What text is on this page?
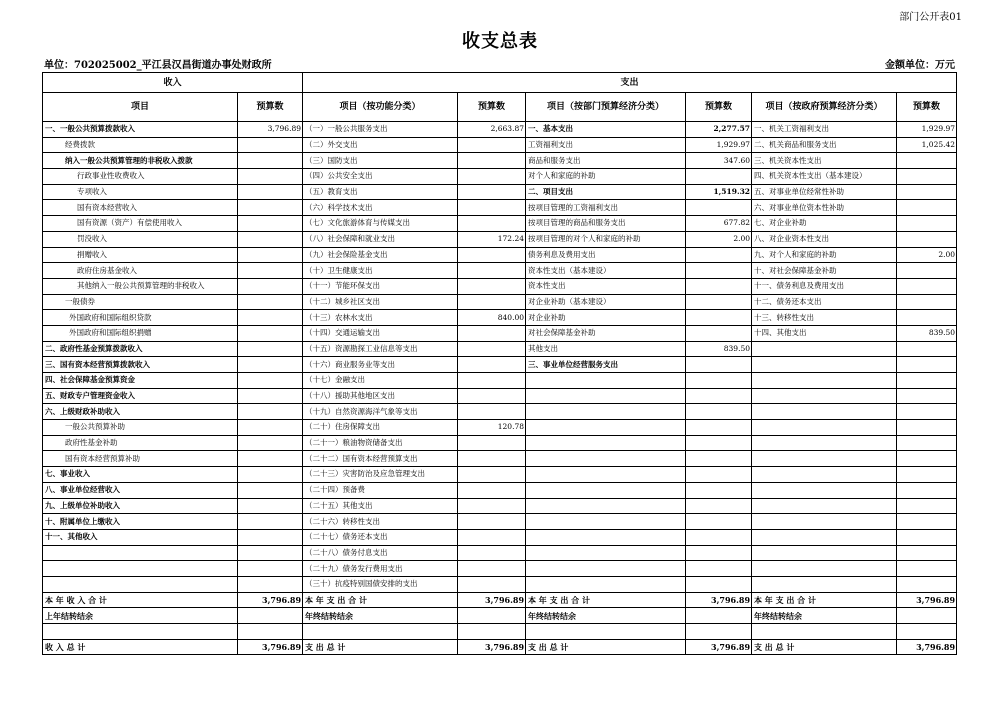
部门公开表01
收支总表
单位：702025002_平江县汉昌街道办事处财政所	金额单位：万元
收入		支出					
项目	预算数	项目（按功能分类）	预算数	项目（按部门预算经济分类）	预算数	项目（按政府预算经济分类）	预算数
一、一般公共预算拨款收入	3,796.89	（一）一般公共服务支出	2,663.87	一、基本支出	2,277.57	一、机关工资福利支出	1,929.97
经费拨款		（二）外交支出		工资福利支出	1,929.97	二、机关商品和服务支出	1,025.42
纳入一般公共预算管理的非税收入拨款		（三）国防支出		商品和服务支出	347.60	三、机关资本性支出	
行政事业性收费收入		（四）公共安全支出		对个人和家庭的补助		四、机关资本性支出（基本建设）	
专项收入		（五）教育支出		二、项目支出	1,519.32	五、对事业单位经常性补助	
国有资本经营收入		（六）科学技术支出		按项目管理的工资福利支出		六、对事业单位资本性补助	
国有资源（资产）有偿使用收入		（七）文化旅游体育与传媒支出		按项目管理的商品和服务支出	677.82	七、对企业补助	
罚没收入		（八）社会保障和就业支出	172.24	按项目管理的对个人和家庭的补助	2.00	八、对企业资本性支出	
捐赠收入		（九）社会保险基金支出		债务利息及费用支出		九、对个人和家庭的补助	2.00
政府住房基金收入		（十）卫生健康支出		资本性支出（基本建设）		十、对社会保障基金补助	
其他纳入一般公共预算管理的非税收入		（十一）节能环保支出		资本性支出		十一、债务利息及费用支出	
一般债券		（十二）城乡社区支出		对企业补助（基本建设）		十二、债务还本支出	
外国政府和国际组织贷款		（十三）农林水支出	840.00	对企业补助		十三、转移性支出	
外国政府和国际组织捐赠		（十四）交通运输支出		对社会保障基金补助		十四、其他支出	839.50
二、政府性基金预算拨款收入		（十五）资源勘探工业信息等支出		其他支出	839.50		
三、国有资本经营预算拨款收入		（十六）商业服务业等支出		三、事业单位经营服务支出			
四、社会保障基金预算资金		（十七）金融支出					
五、财政专户管理资金收入		（十八）援助其他地区支出					
六、上级财政补助收入		（十九）自然资源海洋气象等支出					
一般公共预算补助		（二十）住房保障支出	120.78				
政府性基金补助		（二十一）粮油物资储备支出					
国有资本经营预算补助		（二十二）国有资本经营预算支出					
七、事业收入		（二十三）灾害防治及应急管理支出					
八、事业单位经营收入		（二十四）预备费					
九、上级单位补助收入		（二十五）其他支出					
十、附属单位上缴收入		（二十六）转移性支出					
十一、其他收入		（二十七）债务还本支出					
		（二十八）债务付息支出					
		（二十九）债务发行费用支出					
		（三十）抗疫特别国债安排的支出					
本 年 收 入 合 计	3,796.89	本 年 支 出 合 计	3,796.89	本 年 支 出 合 计	3,796.89	本 年 支 出 合 计	3,796.89
上年结转结余		年终结转结余		年终结转结余		年终结转结余	

收 入 总 计	3,796.89	支 出 总 计	3,796.89	支 出 总 计	3,796.89	支 出 总 计	3,796.89
